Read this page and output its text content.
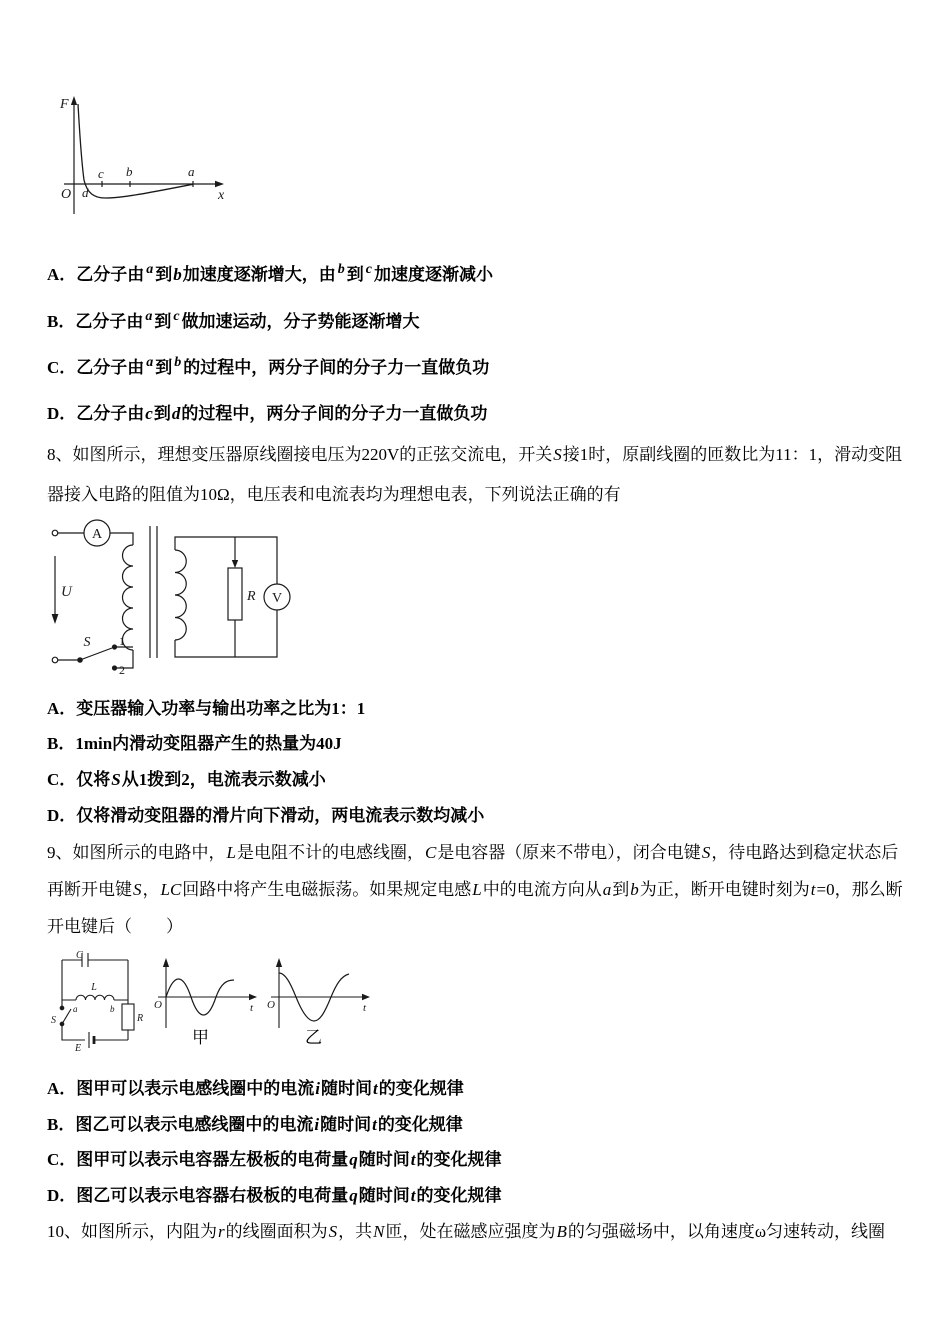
F
x
O d
c b	a
A．乙分子由 a 到b加速度逐渐增大，由 b 到 c 加速度逐渐减小
B．乙分子由 a 到 c 做加速运动，分子势能逐渐增大
C．乙分子由 a 到 b 的过程中，两分子间的分子力一直做负功
D．乙分子由c到d的过程中，两分子间的分子力一直做负功
8、如图所示，理想变压器原线圈接电压为220V的正弦交流电，开关S接1时，原副线圈的匝数比为11：1，滑动变阻
器接入电路的阻值为10Ω，电压表和电流表均为理想电表，下列说法正确的有
A
U
S 1
2
R V
A．变压器输入功率与输出功率之比为1：1
B．1min内滑动变阻器产生的热量为40J
C．仅将S从1拨到2，电流表示数减小
D．仅将滑动变阻器的滑片向下滑动，两电流表示数均减小
9、如图所示的电路中，L是电阻不计的电感线圈，C是电容器（原来不带电），闭合电键S，待电路达到稳定状态后
再断开电键S，LC回路中将产生电磁振荡。如果规定电感L中的电流方向从a到b为正，断开电键时刻为t=0，那么断
开电键后（　　）
C
L
a	b
S
E
R
O	t O	t
甲	乙
A．图甲可以表示电感线圈中的电流i随时间t的变化规律
B．图乙可以表示电感线圈中的电流i随时间t的变化规律
C．图甲可以表示电容器左极板的电荷量q随时间t的变化规律
D．图乙可以表示电容器右极板的电荷量q随时间t的变化规律
10、如图所示，内阻为r的线圈面积为S，共N匝，处在磁感应强度为B的匀强磁场中，以角速度ω匀速转动，线圈
